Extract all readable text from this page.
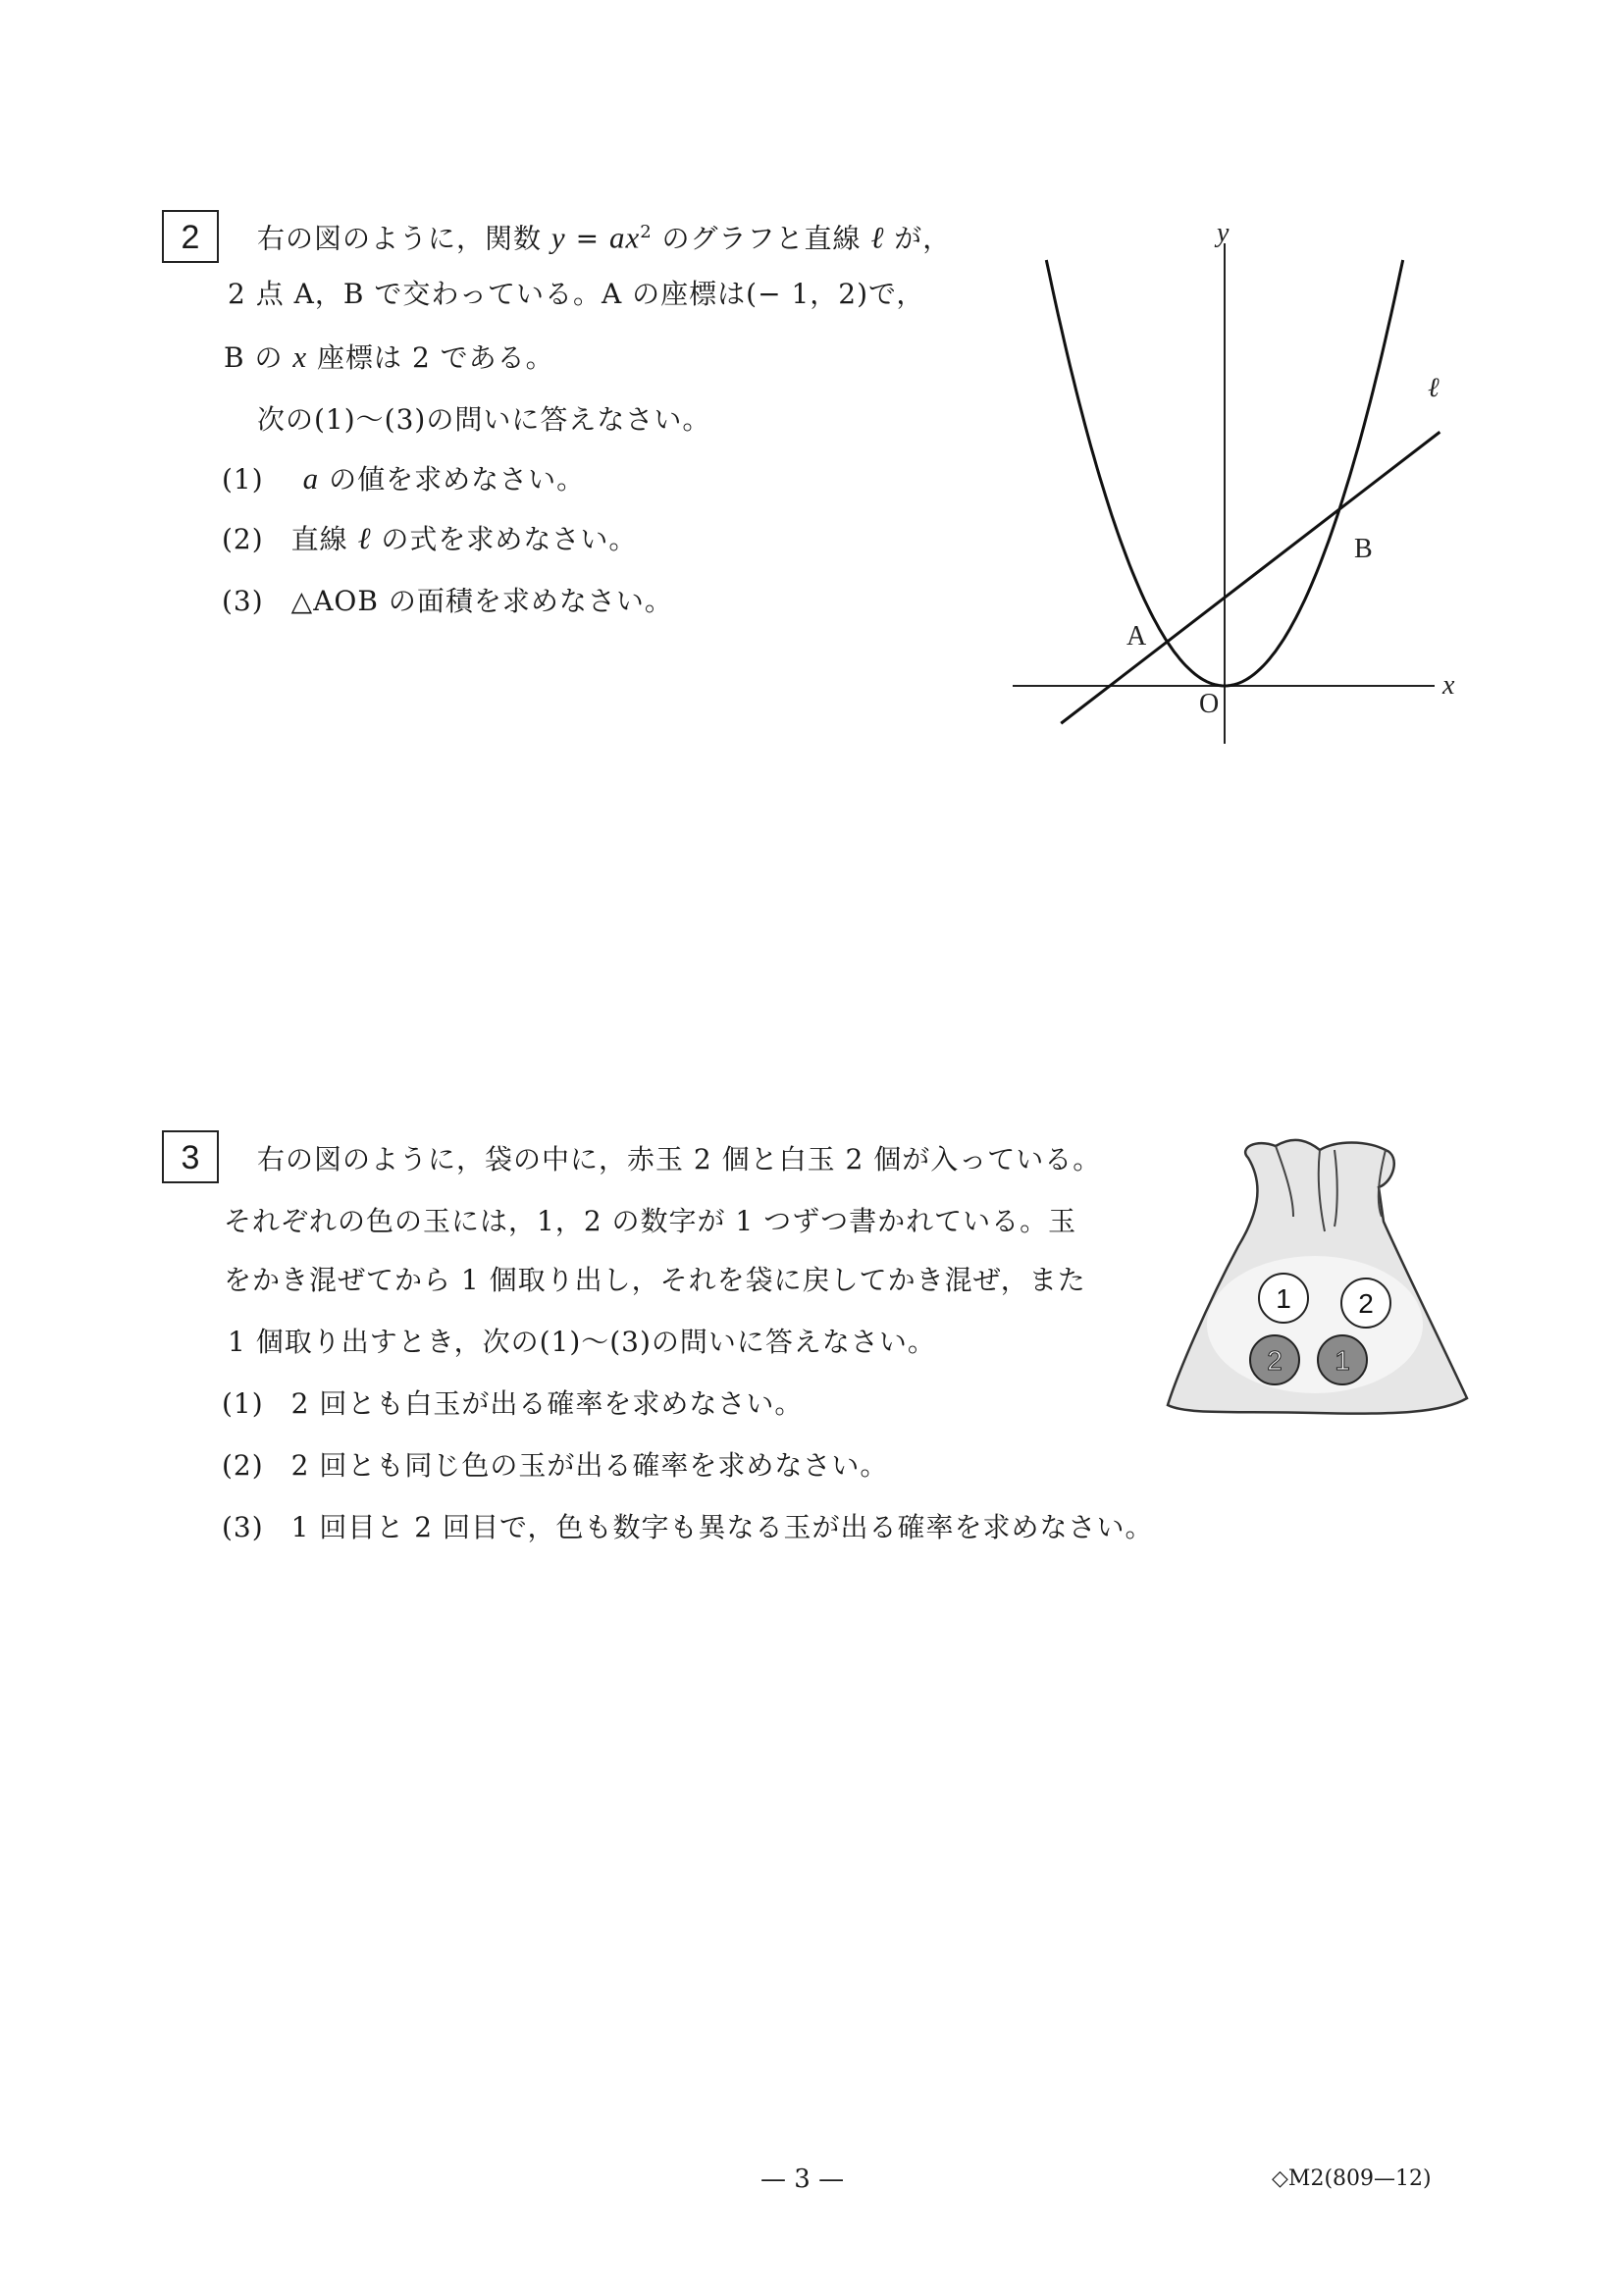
2	右の図のように，関数 $y = ax^2$ のグラフと直線 ℓ が，
2 点 A，B で交わっている。A の座標は(− 1，2)で，
B の x 座標は 2 である。
次の(1)〜(3)の問いに答えなさい。
(1) a の値を求めなさい。
(2) 直線 ℓ の式を求めなさい。
(3) △AOB の面積を求めなさい。
y
x
ℓ
B
A
O
3	右の図のように，袋の中に，赤玉 2 個と白玉 2 個が入っている。
それぞれの色の玉には，1，2 の数字が 1 つずつ書かれている。玉
をかき混ぜてから 1 個取り出し，それを袋に戻してかき混ぜ，また
1 個取り出すとき，次の(1)〜(3)の問いに答えなさい。
(1) 2 回とも白玉が出る確率を求めなさい。
(2) 2 回とも同じ色の玉が出る確率を求めなさい。
(3) 1 回目と 2 回目で，色も数字も異なる玉が出る確率を求めなさい。
1 2
2 1
— 3 —	◇M2(809—12)
